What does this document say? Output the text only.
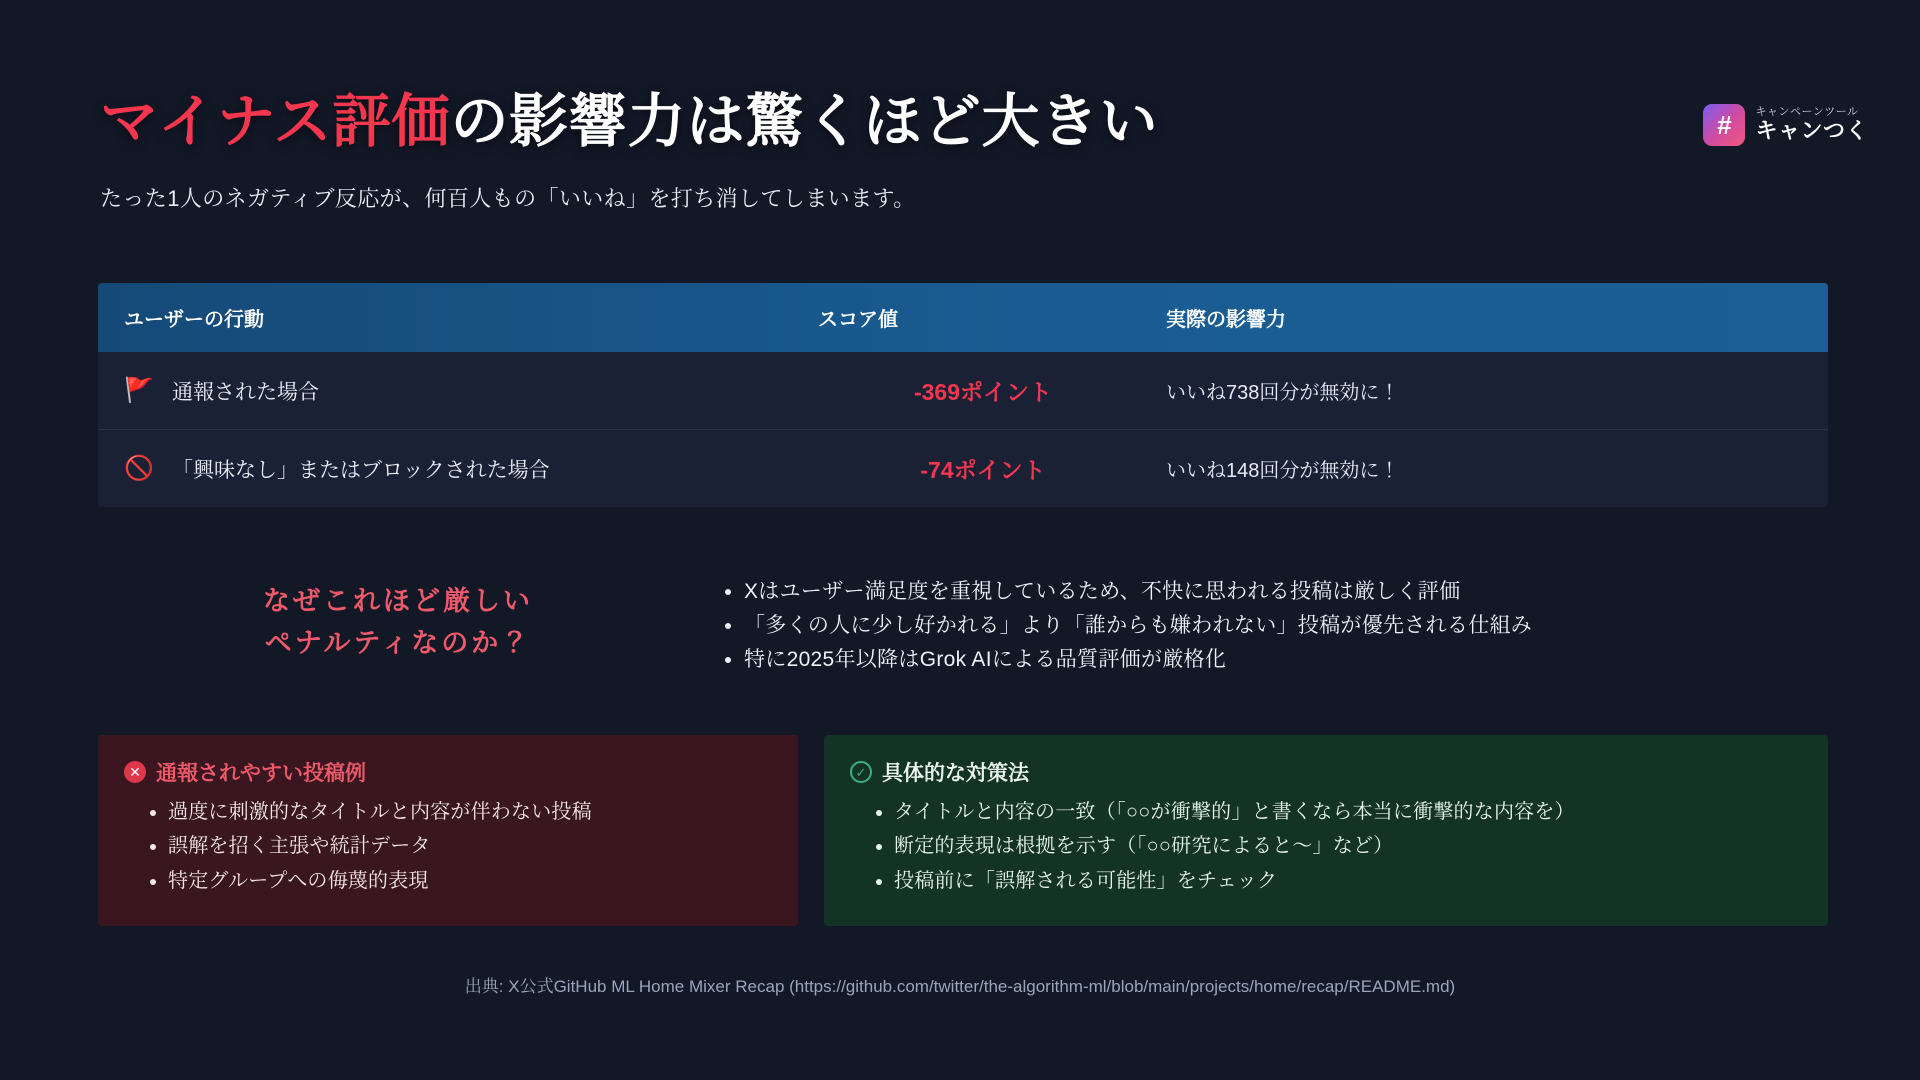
#	キャンペーンツール
キャンつく
マイナス評価の影響力は驚くほど大きい
たった1人のネガティブ反応が、何百人もの「いいね」を打ち消してしまいます。
ユーザーの行動	スコア値	実際の影響力
🚩 通報された場合	-369ポイント	いいね738回分が無効に！
🚫 「興味なし」またはブロックされた場合	-74ポイント	いいね148回分が無効に！
なぜこれほど厳しい
ペナルティなのか？
• Xはユーザー満足度を重視しているため、不快に思われる投稿は厳しく評価
• 「多くの人に少し好かれる」より「誰からも嫌われない」投稿が優先される仕組み
• 特に2025年以降はGrok AIによる品質評価が厳格化
✕ 通報されやすい投稿例
• 過度に刺激的なタイトルと内容が伴わない投稿
• 誤解を招く主張や統計データ
• 特定グループへの侮蔑的表現
✓ 具体的な対策法
• タイトルと内容の一致（「○○が衝撃的」と書くなら本当に衝撃的な内容を）
• 断定的表現は根拠を示す（「○○研究によると〜」など）
• 投稿前に「誤解される可能性」をチェック
出典: X公式GitHub ML Home Mixer Recap (https://github.com/twitter/the-algorithm-ml/blob/main/projects/home/recap/README.md)
